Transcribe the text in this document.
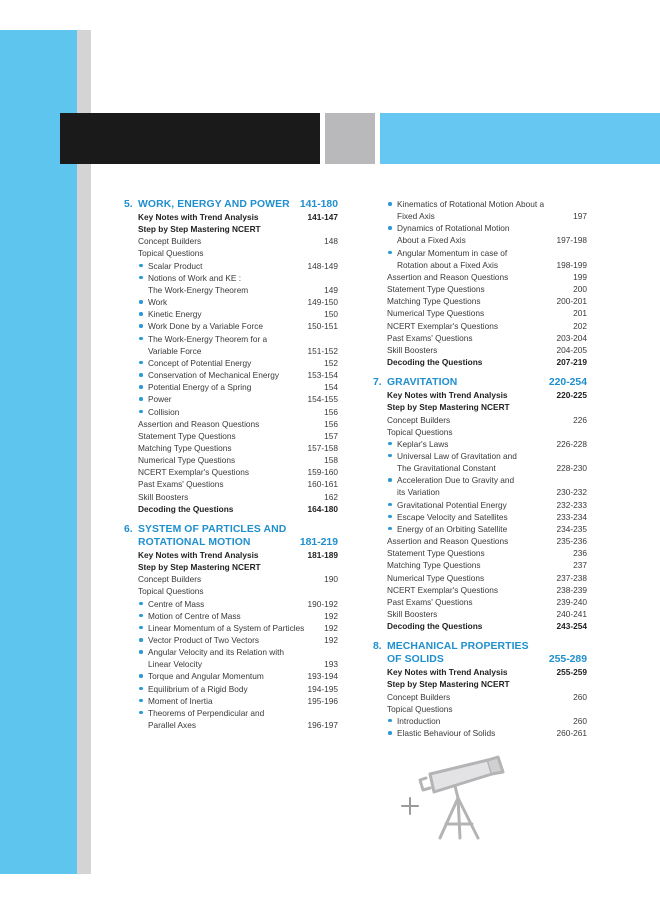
5. WORK, ENERGY AND POWER 141-180
Key Notes with Trend Analysis	141-147
Step by Step Mastering NCERT
Concept Builders	148
Topical Questions
Scalar Product	148-149
Notions of Work and KE :
The Work-Energy Theorem	149
Work	149-150
Kinetic Energy	150
Work Done by a Variable Force	150-151
The Work-Energy Theorem for a
Variable Force	151-152
Concept of Potential Energy	152
Conservation of Mechanical Energy	153-154
Potential Energy of a Spring	154
Power	154-155
Collision	156
Assertion and Reason Questions	156
Statement Type Questions	157
Matching Type Questions	157-158
Numerical Type Questions	158
NCERT Exemplar's Questions	159-160
Past Exams' Questions	160-161
Skill Boosters	162
Decoding the Questions	164-180
6. SYSTEM OF PARTICLES AND
ROTATIONAL MOTION	181-219
Key Notes with Trend Analysis	181-189
Step by Step Mastering NCERT
Concept Builders	190
Topical Questions
Centre of Mass	190-192
Motion of Centre of Mass	192
Linear Momentum of a System of Particles	192
Vector Product of Two Vectors	192
Angular Velocity and its Relation with
Linear Velocity	193
Torque and Angular Momentum	193-194
Equilibrium of a Rigid Body	194-195
Moment of Inertia	195-196
Theorems of Perpendicular and
Parallel Axes	196-197
Kinematics of Rotational Motion About a
Fixed Axis	197
Dynamics of Rotational Motion
About a Fixed Axis	197-198
Angular Momentum in case of
Rotation about a Fixed Axis	198-199
Assertion and Reason Questions	199
Statement Type Questions	200
Matching Type Questions	200-201
Numerical Type Questions	201
NCERT Exemplar's Questions	202
Past Exams' Questions	203-204
Skill Boosters	204-205
Decoding the Questions	207-219
7. GRAVITATION	220-254
Key Notes with Trend Analysis	220-225
Step by Step Mastering NCERT
Concept Builders	226
Topical Questions
Keplar's Laws	226-228
Universal Law of Gravitation and
The Gravitational Constant	228-230
Acceleration Due to Gravity and
its Variation	230-232
Gravitational Potential Energy	232-233
Escape Velocity and Satellites	233-234
Energy of an Orbiting Satellite	234-235
Assertion and Reason Questions	235-236
Statement Type Questions	236
Matching Type Questions	237
Numerical Type Questions	237-238
NCERT Exemplar's Questions	238-239
Past Exams' Questions	239-240
Skill Boosters	240-241
Decoding the Questions	243-254
8. MECHANICAL PROPERTIES
OF SOLIDS	255-289
Key Notes with Trend Analysis	255-259
Step by Step Mastering NCERT
Concept Builders	260
Topical Questions
Introduction	260
Elastic Behaviour of Solids	260-261
